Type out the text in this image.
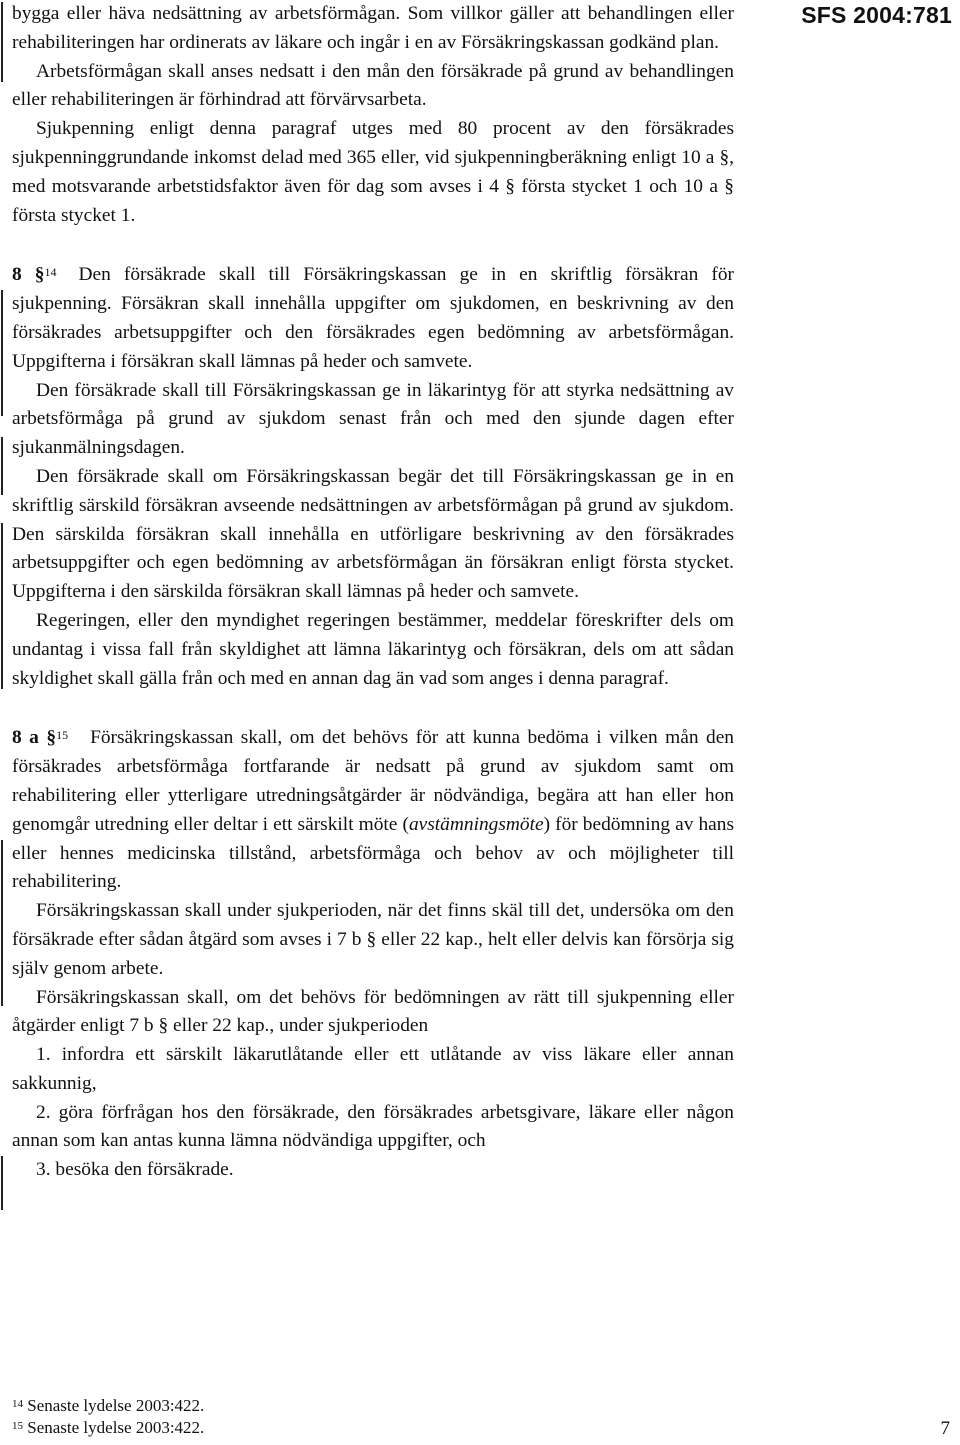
SFS 2004:781

bygga eller häva nedsättning av arbetsförmågan. Som villkor gäller att behandlingen eller rehabiliteringen har ordinerats av läkare och ingår i en av Försäkringskassan godkänd plan.

Arbetsförmågan skall anses nedsatt i den mån den försäkrade på grund av behandlingen eller rehabiliteringen är förhindrad att förvärvsarbeta.

Sjukpenning enligt denna paragraf utges med 80 procent av den försäkrades sjukpenninggrundande inkomst delad med 365 eller, vid sjukpenningberäkning enligt 10 a §, med motsvarande arbetstidsfaktor även för dag som avses i 4 § första stycket 1 och 10 a § första stycket 1.

8 §$^{14}$ Den försäkrade skall till Försäkringskassan ge in en skriftlig försäkran för sjukpenning. Försäkran skall innehålla uppgifter om sjukdomen, en beskrivning av den försäkrades arbetsuppgifter och den försäkrades egen bedömning av arbetsförmågan. Uppgifterna i försäkran skall lämnas på heder och samvete.

Den försäkrade skall till Försäkringskassan ge in läkarintyg för att styrka nedsättning av arbetsförmåga på grund av sjukdom senast från och med den sjunde dagen efter sjukanmälningsdagen.

Den försäkrade skall om Försäkringskassan begär det till Försäkringskassan ge in en skriftlig särskild försäkran avseende nedsättningen av arbetsförmågan på grund av sjukdom. Den särskilda försäkran skall innehålla en utförligare beskrivning av den försäkrades arbetsuppgifter och egen bedömning av arbetsförmågan än försäkran enligt första stycket. Uppgifterna i den särskilda försäkran skall lämnas på heder och samvete.

Regeringen, eller den myndighet regeringen bestämmer, meddelar föreskrifter dels om undantag i vissa fall från skyldighet att lämna läkarintyg och försäkran, dels om att sådan skyldighet skall gälla från och med en annan dag än vad som anges i denna paragraf.

8 a §$^{15}$ Försäkringskassan skall, om det behövs för att kunna bedöma i vilken mån den försäkrades arbetsförmåga fortfarande är nedsatt på grund av sjukdom samt om rehabilitering eller ytterligare utredningsåtgärder är nödvändiga, begära att han eller hon genomgår utredning eller deltar i ett särskilt möte (avstämningsmöte) för bedömning av hans eller hennes medicinska tillstånd, arbetsförmåga och behov av och möjligheter till rehabilitering.

Försäkringskassan skall under sjukperioden, när det finns skäl till det, undersöka om den försäkrade efter sådan åtgärd som avses i 7 b § eller 22 kap., helt eller delvis kan försörja sig själv genom arbete.

Försäkringskassan skall, om det behövs för bedömningen av rätt till sjukpenning eller åtgärder enligt 7 b § eller 22 kap., under sjukperioden

1. infordra ett särskilt läkarutlåtande eller ett utlåtande av viss läkare eller annan sakkunnig,

2. göra förfrågan hos den försäkrade, den försäkrades arbetsgivare, läkare eller någon annan som kan antas kunna lämna nödvändiga uppgifter, och

3. besöka den försäkrade.

$^{14}$ Senaste lydelse 2003:422.

$^{15}$ Senaste lydelse 2003:422.	7
